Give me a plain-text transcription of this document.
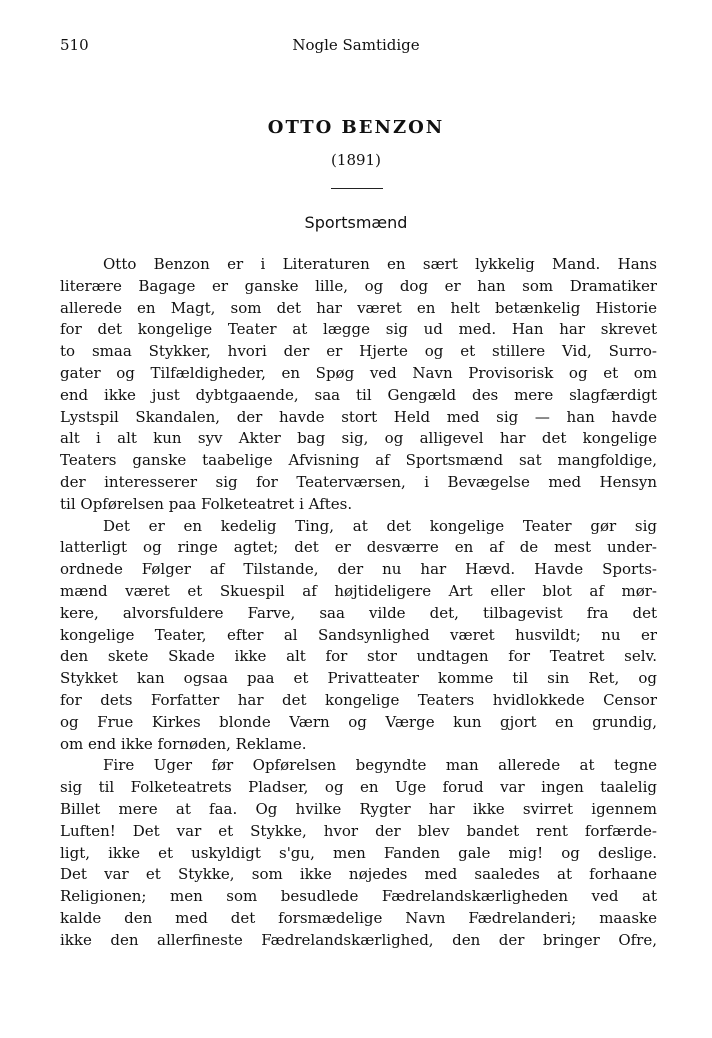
510	Nogle Samtidige
OTTO BENZON
(1891)
Sportsmænd
Otto Benzon er i Literaturen en sært lykkelig Mand. Hans
literære Bagage er ganske lille, og dog er han som Dramatiker
allerede en Magt, som det har været en helt betænkelig Historie
for det kongelige Teater at lægge sig ud med. Han har skrevet
to smaa Stykker, hvori der er Hjerte og et stillere Vid, Surro-
gater og Tilfældigheder, en Spøg ved Navn Provisorisk og et om
end ikke just dybtgaaende, saa til Gengæld des mere slagfærdigt
Lystspil Skandalen, der havde stort Held med sig — han havde
alt i alt kun syv Akter bag sig, og alligevel har det kongelige
Teaters ganske taabelige Afvisning af Sportsmænd sat mangfoldige,
der interesserer sig for Teaterværsen, i Bevægelse med Hensyn
til Opførelsen paa Folketeatret i Aftes.
Det er en kedelig Ting, at det kongelige Teater gør sig
latterligt og ringe agtet; det er desværre en af de mest under-
ordnede Følger af Tilstande, der nu har Hævd. Havde Sports-
mænd været et Skuespil af højtideligere Art eller blot af mør-
kere, alvorsfuldere Farve, saa vilde det, tilbagevist fra det
kongelige Teater, efter al Sandsynlighed været husvildt; nu er
den skete Skade ikke alt for stor undtagen for Teatret selv.
Stykket kan ogsaa paa et Privatteater komme til sin Ret, og
for dets Forfatter har det kongelige Teaters hvidlokkede Censor
og Frue Kirkes blonde Værn og Værge kun gjort en grundig,
om end ikke fornøden, Reklame.
Fire Uger før Opførelsen begyndte man allerede at tegne
sig til Folketeatrets Pladser, og en Uge forud var ingen taalelig
Billet mere at faa. Og hvilke Rygter har ikke svirret igennem
Luften! Det var et Stykke, hvor der blev bandet rent forfærde-
ligt, ikke et uskyldigt s'gu, men Fanden gale mig! og deslige.
Det var et Stykke, som ikke nøjedes med saaledes at forhaane
Religionen; men som besudlede Fædrelandskærligheden ved at
kalde den med det forsmædelige Navn Fædrelanderi; maaske
ikke den allerfineste Fædrelandskærlighed, den der bringer Ofre,
